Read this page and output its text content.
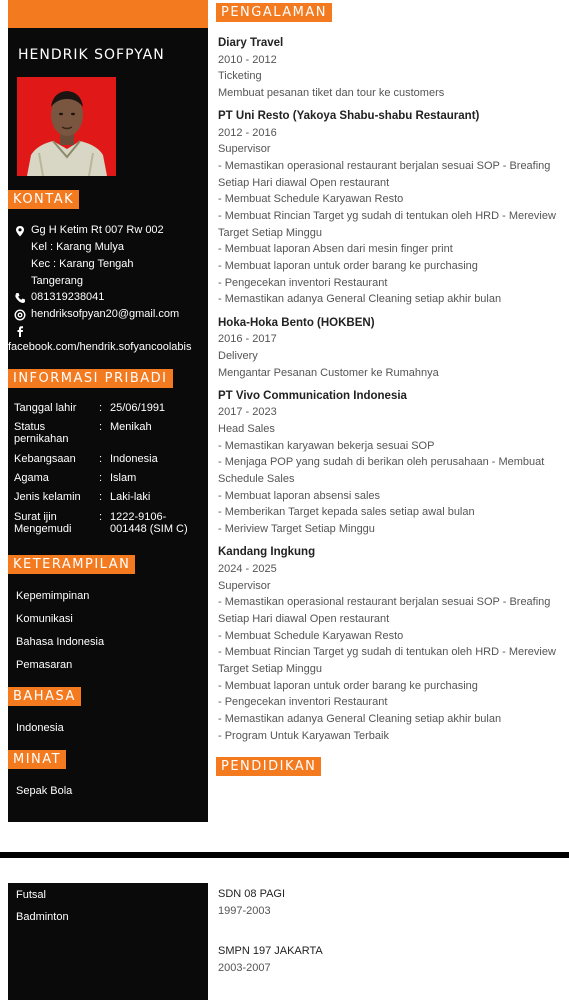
HENDRIK SOFPYAN
KONTAK
Gg H Ketim Rt 007 Rw 002
Kel : Karang Mulya
Kec : Karang Tengah
Tangerang
081319238041
hendriksofpyan20@gmail.com
facebook.com/hendrik.sofyancoolabis
INFORMASI PRIBADI
Tanggal lahir : 25/06/1991
Status pernikahan
: Menikah
Kebangsaan : Indonesia
Agama	: Islam
Jenis kelamin : Laki-laki
Surat ijin Mengemudi
: 1222-9106-001448 (SIM C)
KETERAMPILAN
Kepemimpinan
Komunikasi
Bahasa Indonesia
Pemasaran
BAHASA
Indonesia
MINAT
Sepak Bola
PENGALAMAN
Diary Travel
2010 - 2012
Ticketing
Membuat pesanan tiket dan tour ke customers
PT Uni Resto (Yakoya Shabu-shabu Restaurant)
2012 - 2016
Supervisor
- Memastikan operasional restaurant berjalan sesuai SOP - Breafing
Setiap Hari diawal Open restaurant
- Membuat Schedule Karyawan Resto
- Membuat Rincian Target yg sudah di tentukan oleh HRD - Mereview
Target Setiap Minggu
- Membuat laporan Absen dari mesin finger print
- Membuat laporan untuk order barang ke purchasing
- Pengecekan inventori Restaurant
- Memastikan adanya General Cleaning setiap akhir bulan
Hoka-Hoka Bento (HOKBEN)
2016 - 2017
Delivery
Mengantar Pesanan Customer ke Rumahnya
PT Vivo Communication Indonesia
2017 - 2023
Head Sales
- Memastikan karyawan bekerja sesuai SOP
- Menjaga POP yang sudah di berikan oleh perusahaan - Membuat
Schedule Sales
- Membuat laporan absensi sales
- Memberikan Target kepada sales setiap awal bulan
- Meriview Target Setiap Minggu
Kandang Ingkung
2024 - 2025
Supervisor
- Memastikan operasional restaurant berjalan sesuai SOP - Breafing
Setiap Hari diawal Open restaurant
- Membuat Schedule Karyawan Resto
- Membuat Rincian Target yg sudah di tentukan oleh HRD - Mereview
Target Setiap Minggu
- Membuat laporan untuk order barang ke purchasing
- Pengecekan inventori Restaurant
- Memastikan adanya General Cleaning setiap akhir bulan
- Program Untuk Karyawan Terbaik
PENDIDIKAN
Futsal
Badminton
SDN 08 PAGI
1997-2003
SMPN 197 JAKARTA
2003-2007
